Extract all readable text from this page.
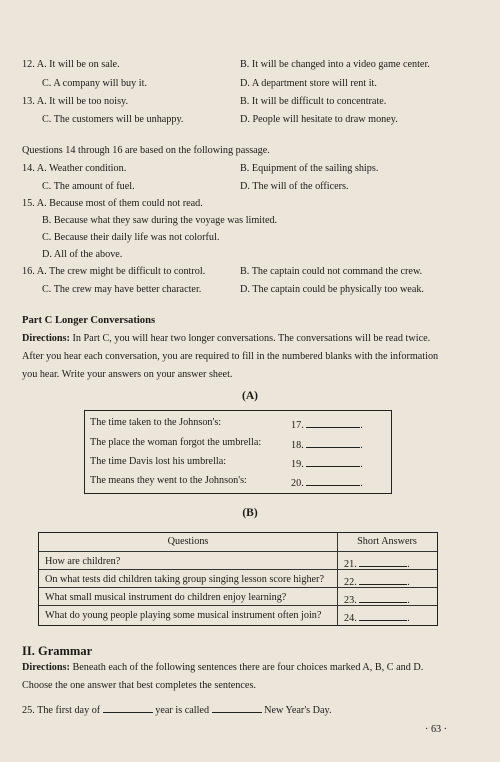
12. A. It will be on sale.	B. It will be changed into a video game center.
C. A company will buy it.	D. A department store will rent it.
13. A. It will be too noisy.	B. It will be difficult to concentrate.
C. The customers will be unhappy.	D. People will hesitate to draw money.
Questions 14 through 16 are based on the following passage.
14. A. Weather condition.	B. Equipment of the sailing ships.
C. The amount of fuel.	D. The will of the officers.
15. A. Because most of them could not read.
B. Because what they saw during the voyage was limited.
C. Because their daily life was not colorful.
D. All of the above.
16. A. The crew might be difficult to control.	B. The captain could not command the crew.
C. The crew may have better character.	D. The captain could be physically too weak.
Part C Longer Conversations
Directions: In Part C, you will hear two longer conversations. The conversations will be read twice.
After you hear each conversation, you are required to fill in the numbered blanks with the information
you hear. Write your answers on your answer sheet.
(A)
The time taken to the Johnson's:	17.	.
The place the woman forgot the umbrella:	18.	.
The time Davis lost his umbrella:	19.	.
The means they went to the Johnson's:	20.	.
(B)
Questions	Short Answers
How are children?	21.	.
On what tests did children taking group singing lesson score higher? 22.	.
What small musical instrument do children enjoy learning?	23.	.
What do young people playing some musical instrument often join? 24.	.
II. Grammar
Directions: Beneath each of the following sentences there are four choices marked A, B, C and D.
Choose the one answer that best completes the sentences.
25. The first day of	year is called	New Year's Day.
· 63 ·
